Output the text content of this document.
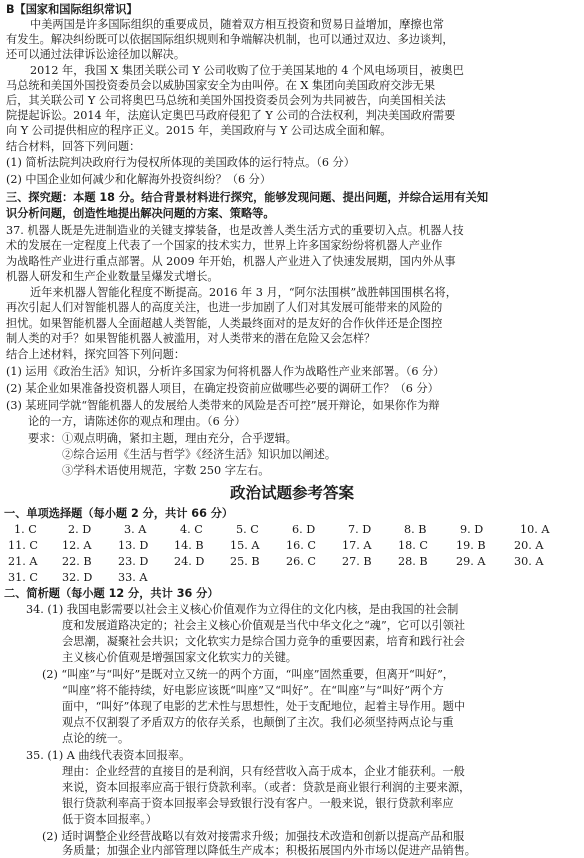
B【国家和国际组织常识】
中美两国是许多国际组织的重要成员，随着双方相互投资和贸易日益增加，摩擦也常
有发生。解决纠纷既可以依据国际组织规则和争端解决机制，也可以通过双边、多边谈判，
还可以通过法律诉讼途径加以解决。
2012 年，我国 X 集团关联公司 Y 公司收购了位于美国某地的 4 个风电场项目，被奥巴
马总统和美国外国投资委员会以威胁国家安全为由叫停。在 X 集团向美国政府交涉无果
后，其关联公司 Y 公司将奥巴马总统和美国外国投资委员会列为共同被告，向美国相关法
院提起诉讼。2014 年，法庭认定奥巴马政府侵犯了 Y 公司的合法权利，判决美国政府需要
向 Y 公司提供相应的程序正义。2015 年，美国政府与 Y 公司达成全面和解。
结合材料，回答下列问题：
(1) 简析法院判决政府行为侵权所体现的美国政体的运行特点。（6 分）
(2) 中国企业如何减少和化解海外投资纠纷？（6 分）
三、探究题：本题 18 分。结合背景材料进行探究，能够发现问题、提出问题，并综合运用有关知
识分析问题，创造性地提出解决问题的方案、策略等。
37. 机器人既是先进制造业的关键支撑装备，也是改善人类生活方式的重要切入点。机器人技
术的发展在一定程度上代表了一个国家的技术实力，世界上许多国家纷纷将机器人产业作
为战略性产业进行重点部署。从 2009 年开始，机器人产业进入了快速发展期，国内外从事
机器人研发和生产企业数量呈爆发式增长。
近年来机器人智能化程度不断提高。2016 年 3 月，“阿尔法围棋”战胜韩国围棋名将，
再次引起人们对智能机器人的高度关注，也进一步加剧了人们对其发展可能带来的风险的
担忧。如果智能机器人全面超越人类智能，人类最终面对的是友好的合作伙伴还是企图控
制人类的对手？如果智能机器人被滥用，对人类带来的潜在危险又会怎样？
结合上述材料，探究回答下列问题：
(1) 运用《政治生活》知识，分析许多国家为何将机器人作为战略性产业来部署。（6 分）
(2) 某企业如果准备投资机器人项目，在确定投资前应做哪些必要的调研工作？（6 分）
(3) 某班同学就“智能机器人的发展给人类带来的风险是否可控”展开辩论，如果你作为辩
论的一方，请陈述你的观点和理由。（6 分）
要求： ①观点明确，紧扣主题，理由充分，合乎逻辑。
②综合运用《生活与哲学》《经济生活》知识加以阐述。
③学科术语使用规范，字数 250 字左右。
政治试题参考答案
一、单项选择题（每小题 2 分，共计 66 分）
1. C	2. D	3. A	4. C	5. C	6. D	7. D	8. B	9. D	10. A
11. C 12. A 13. D 14. B 15. A 16. C 17. A 18. C	19. B	20. A
21. A 22. B 23. D 24. D 25. B 26. C 27. B 28. B	29. A	30. A
31. C 32. D 33. A
二、简析题（每小题 12 分，共计 36 分）
34. (1) 我国电影需要以社会主义核心价值观作为立得住的文化内核，是由我国的社会制
度和发展道路决定的；社会主义核心价值观是当代中华文化之“魂”，它可以引领社
会思潮，凝聚社会共识；文化软实力是综合国力竞争的重要因素，培育和践行社会
主义核心价值观是增强国家文化软实力的关键。
(2) “叫座”与“叫好”是既对立又统一的两个方面，“叫座”固然重要，但离开“叫好”，
“叫座”将不能持续，好电影应该既“叫座”又“叫好”。在“叫座”与“叫好”两个方
面中，“叫好”体现了电影的艺术性与思想性，处于支配地位，起着主导作用。题中
观点不仅割裂了矛盾双方的依存关系，也颠倒了主次。我们必须坚持两点论与重
点论的统一。
35. (1) A 曲线代表资本回报率。
理由：企业经营的直接目的是利润，只有经营收入高于成本，企业才能获利。一般
来说，资本回报率应高于银行贷款利率。（或者：贷款是商业银行利润的主要来源，
银行贷款利率高于资本回报率会导致银行没有客户。一般来说，银行贷款利率应
低于资本回报率。）
(2) 适时调整企业经营战略以有效对接需求升级；加强技术改造和创新以提高产品和服
务质量；加强企业内部管理以降低生产成本；积极拓展国内外市场以促进产品销售。
